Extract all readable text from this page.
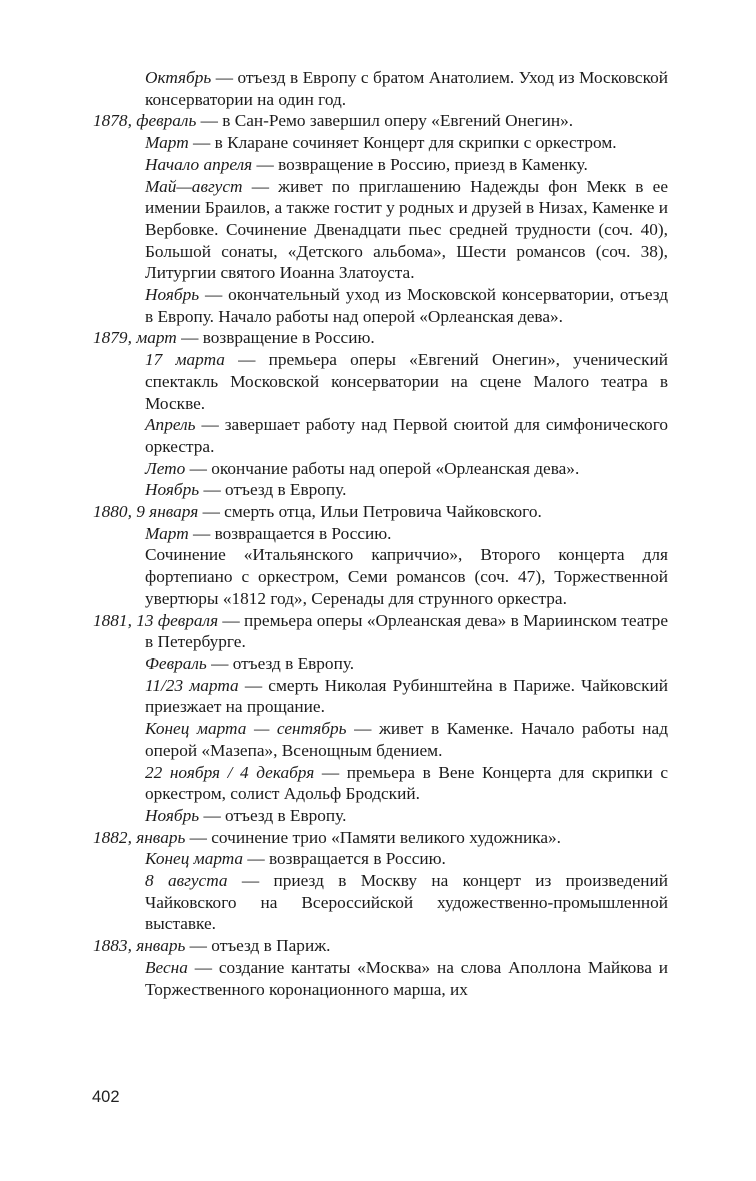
Октябрь — отъезд в Европу с братом Анатолием. Уход из Московской консерватории на один год.

1878, февраль — в Сан-Ремо завершил оперу «Евгений Онегин».

Март — в Кларане сочиняет Концерт для скрипки с оркестром.

Начало апреля — возвращение в Россию, приезд в Каменку.

Май—август — живет по приглашению Надежды фон Мекк в ее имении Браилов, а также гостит у родных и друзей в Низах, Каменке и Вербовке. Сочинение Двенадцати пьес средней трудности (соч. 40), Большой сонаты, «Детского альбома», Шести романсов (соч. 38), Литургии святого Иоанна Златоуста.

Ноябрь — окончательный уход из Московской консерватории, отъезд в Европу. Начало работы над оперой «Орлеанская дева».

1879, март — возвращение в Россию.

17 марта — премьера оперы «Евгений Онегин», ученический спектакль Московской консерватории на сцене Малого театра в Москве.

Апрель — завершает работу над Первой сюитой для симфонического оркестра.

Лето — окончание работы над оперой «Орлеанская дева».

Ноябрь — отъезд в Европу.

1880, 9 января — смерть отца, Ильи Петровича Чайковского.

Март — возвращается в Россию.

Сочинение «Итальянского каприччио», Второго концерта для фортепиано с оркестром, Семи романсов (соч. 47), Торжественной увертюры «1812 год», Серенады для струнного оркестра.

1881, 13 февраля — премьера оперы «Орлеанская дева» в Мариинском театре в Петербурге.

Февраль — отъезд в Европу.

11/23 марта — смерть Николая Рубинштейна в Париже. Чайковский приезжает на прощание.

Конец марта — сентябрь — живет в Каменке. Начало работы над оперой «Мазепа», Всенощным бдением.

22 ноября / 4 декабря — премьера в Вене Концерта для скрипки с оркестром, солист Адольф Бродский.

Ноябрь — отъезд в Европу.

1882, январь — сочинение трио «Памяти великого художника».

Конец марта — возвращается в Россию.

8 августа — приезд в Москву на концерт из произведений Чайковского на Всероссийской художественно-промышленной выставке.

1883, январь — отъезд в Париж.

Весна — создание кантаты «Москва» на слова Аполлона Майкова и Торжественного коронационного марша, их

402
